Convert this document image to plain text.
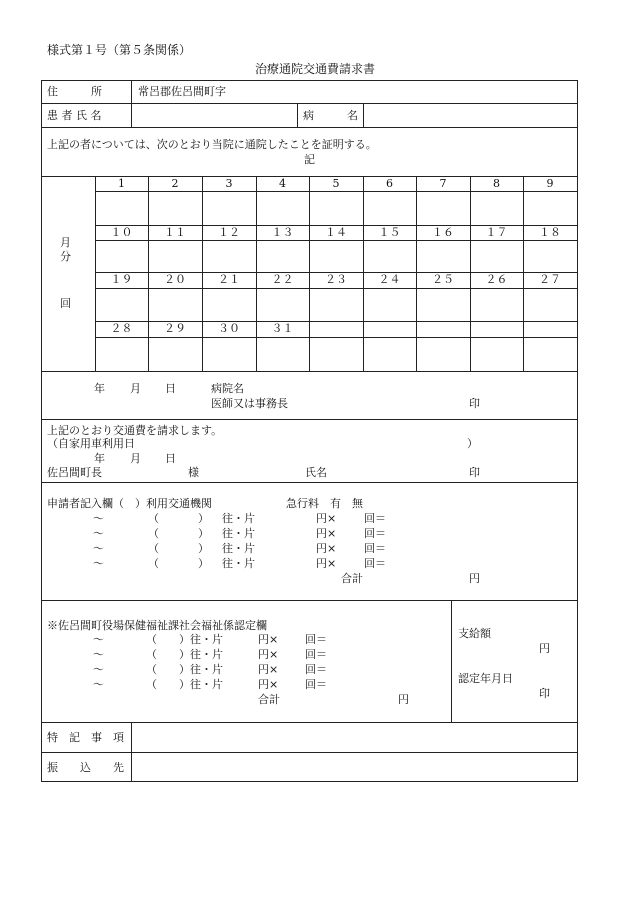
様式第１号（第５条関係）
治療通院交通費請求書
住　　　所	常呂郡佐呂間町字
患 者 氏 名	病　　　名
上記の者については、次のとおり当院に通院したことを証明する。
記
1	2	3	4	5	6	7	8	9
１０	１１	１２	１３	１４	１５	１６	１７	１８
１９	２０	２１	２２	２３	２４	２５	２６	２７
２８	２９	３０	３１
月
分
回
年 月 日	病院名
医師又は事務長	印
上記のとおり交通費を請求します。
（自家用車利用日	）
年 月 日
佐呂間町長	様	氏名	印
申請者記入欄（　）利用交通機関	急行料　有　無
～	（	） 往・片	円×	回＝
～	（	） 往・片	円×	回＝
～	（	） 往・片	円×	回＝
～	（	） 往・片	円×	回＝
合計	円
※佐呂間町役場保健福祉課社会福祉係認定欄
～	（　　）往・片	円× 回＝
～	（　　）往・片	円× 回＝
～	（　　）往・片	円× 回＝
～	（　　）往・片	円× 回＝
合計	円
支給額
円
認定年月日
印
特　記　事　項
振　　込　　先
